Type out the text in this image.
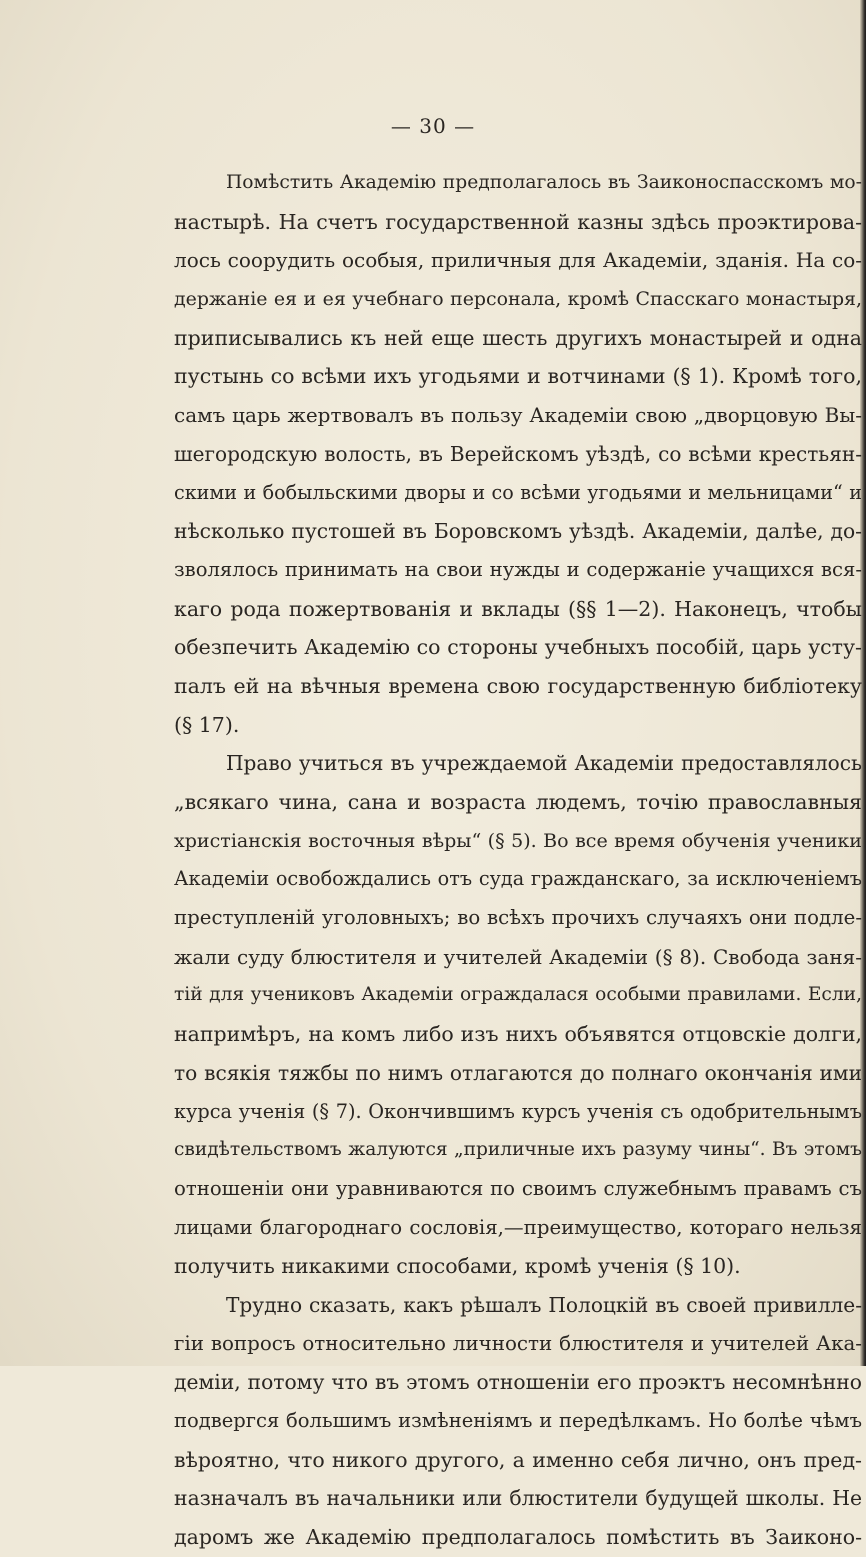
— 30 —

Помѣстить Академію предполагалось въ Заиконоспасскомъ мо-
настырѣ. На счетъ государственной казны здѣсь проэктирова-
лось соорудить особыя, приличныя для Академіи, зданія. На со-
держаніе ея и ея учебнаго персонала, кромѣ Спасскаго монастыря,
приписывались къ ней еще шесть другихъ монастырей и одна
пустынь со всѣми ихъ угодьями и вотчинами (§ 1). Кромѣ того,
самъ царь жертвовалъ въ пользу Академіи свою „дворцовую Вы-
шегородскую волость, въ Верейскомъ уѣздѣ, со всѣми крестьян-
скими и бобыльскими дворы и со всѣми угодьями и мельницами“ и
нѣсколько пустошей въ Боровскомъ уѣздѣ. Академіи, далѣе, до-
зволялось принимать на свои нужды и содержаніе учащихся вся-
каго рода пожертвованія и вклады (§§ 1—2). Наконецъ, чтобы
обезпечить Академію со стороны учебныхъ пособій, царь усту-
палъ ей на вѣчныя времена свою государственную библіотеку
(§ 17).

Право учиться въ учреждаемой Академіи предоставлялось
„всякаго чина, сана и возраста людемъ, точію православныя
христіанскія восточныя вѣры“ (§ 5). Во все время обученія ученики
Академіи освобождались отъ суда гражданскаго, за исключеніемъ
преступленій уголовныхъ; во всѣхъ прочихъ случаяхъ они подле-
жали суду блюстителя и учителей Академіи (§ 8). Свобода заня-
тій для учениковъ Академіи ограждалася особыми правилами. Если,
напримѣръ, на комъ либо изъ нихъ объявятся отцовскіе долги,
то всякія тяжбы по нимъ отлагаются до полнаго окончанія ими
курса ученія (§ 7). Окончившимъ курсъ ученія съ одобрительнымъ
свидѣтельствомъ жалуются „приличные ихъ разуму чины“. Въ этомъ
отношеніи они уравниваются по своимъ служебнымъ правамъ съ
лицами благороднаго сословія,—преимущество, котораго нельзя
получить никакими способами, кромѣ ученія (§ 10).

Трудно сказать, какъ рѣшалъ Полоцкій въ своей привилле-
гіи вопросъ относительно личности блюстителя и учителей Ака-
деміи, потому что въ этомъ отношеніи его проэктъ несомнѣнно
подвергся большимъ измѣненіямъ и передѣлкамъ. Но болѣе чѣмъ
вѣроятно, что никого другого, а именно себя лично, онъ пред-
назначалъ въ начальники или блюстители будущей школы. Не
даромъ же Академію предполагалось помѣстить въ Заиконо-
